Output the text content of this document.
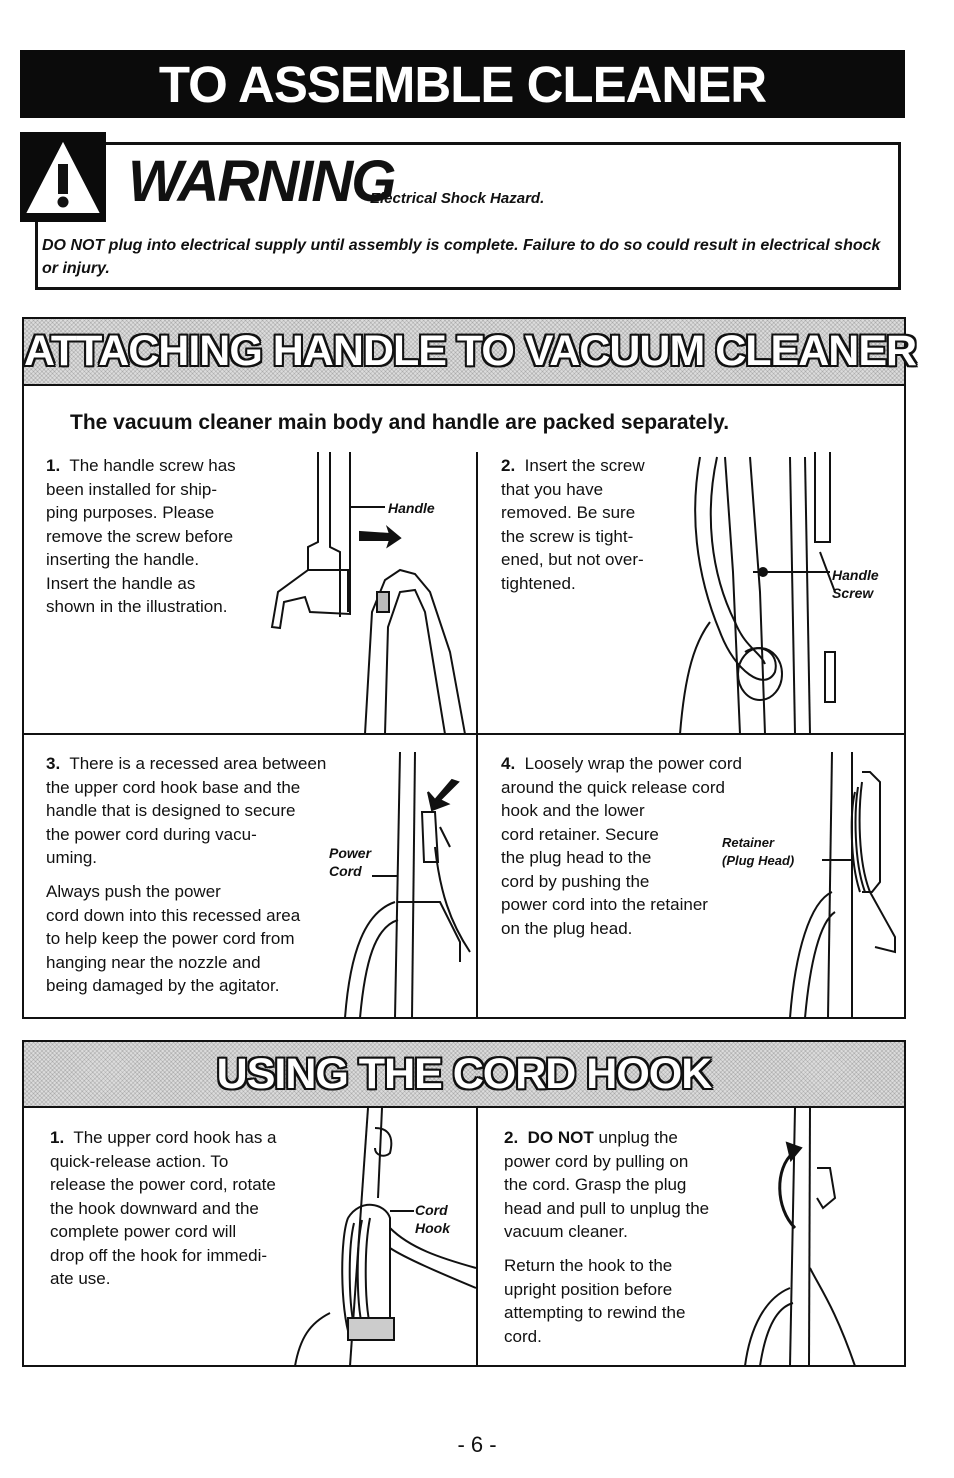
TO ASSEMBLE CLEANER
WARNING
Electrical Shock Hazard.
DO NOT plug into electrical supply until assembly is complete. Failure to do so could result in electrical shock or injury.
ATTACHING HANDLE TO VACUUM CLEANER
The vacuum cleaner main body and handle are packed separately.
1. The handle screw has
been installed for ship-
ping purposes. Please
remove the screw before
inserting the handle.
Insert the handle as
shown in the illustration.
Handle
2. Insert the screw
that you have
removed. Be sure
the screw is tight-
ened, but not over-
tightened.	Handle
Screw
3. There is a recessed area between
the upper cord hook base and the
handle that is designed to secure
the power cord during vacu-
uming.
Always push the power
cord down into this recessed area
to help keep the power cord from
hanging near the nozzle and
being damaged by the agitator.
Power
Cord
4. Loosely wrap the power cord
around the quick release cord
hook and the lower
cord retainer. Secure
the plug head to the
cord by pushing the
power cord into the retainer
on the plug head.
Retainer
(Plug Head)
USING THE CORD HOOK
1. The upper cord hook has a
quick-release action. To
release the power cord, rotate
the hook downward and the
complete power cord will
drop off the hook for immedi-
ate use.
Cord
Hook
2. DO NOT unplug the
power cord by pulling on
the cord. Grasp the plug
head and pull to unplug the
vacuum cleaner.
Return the hook to the
upright position before
attempting to rewind the
cord.
- 6 -
